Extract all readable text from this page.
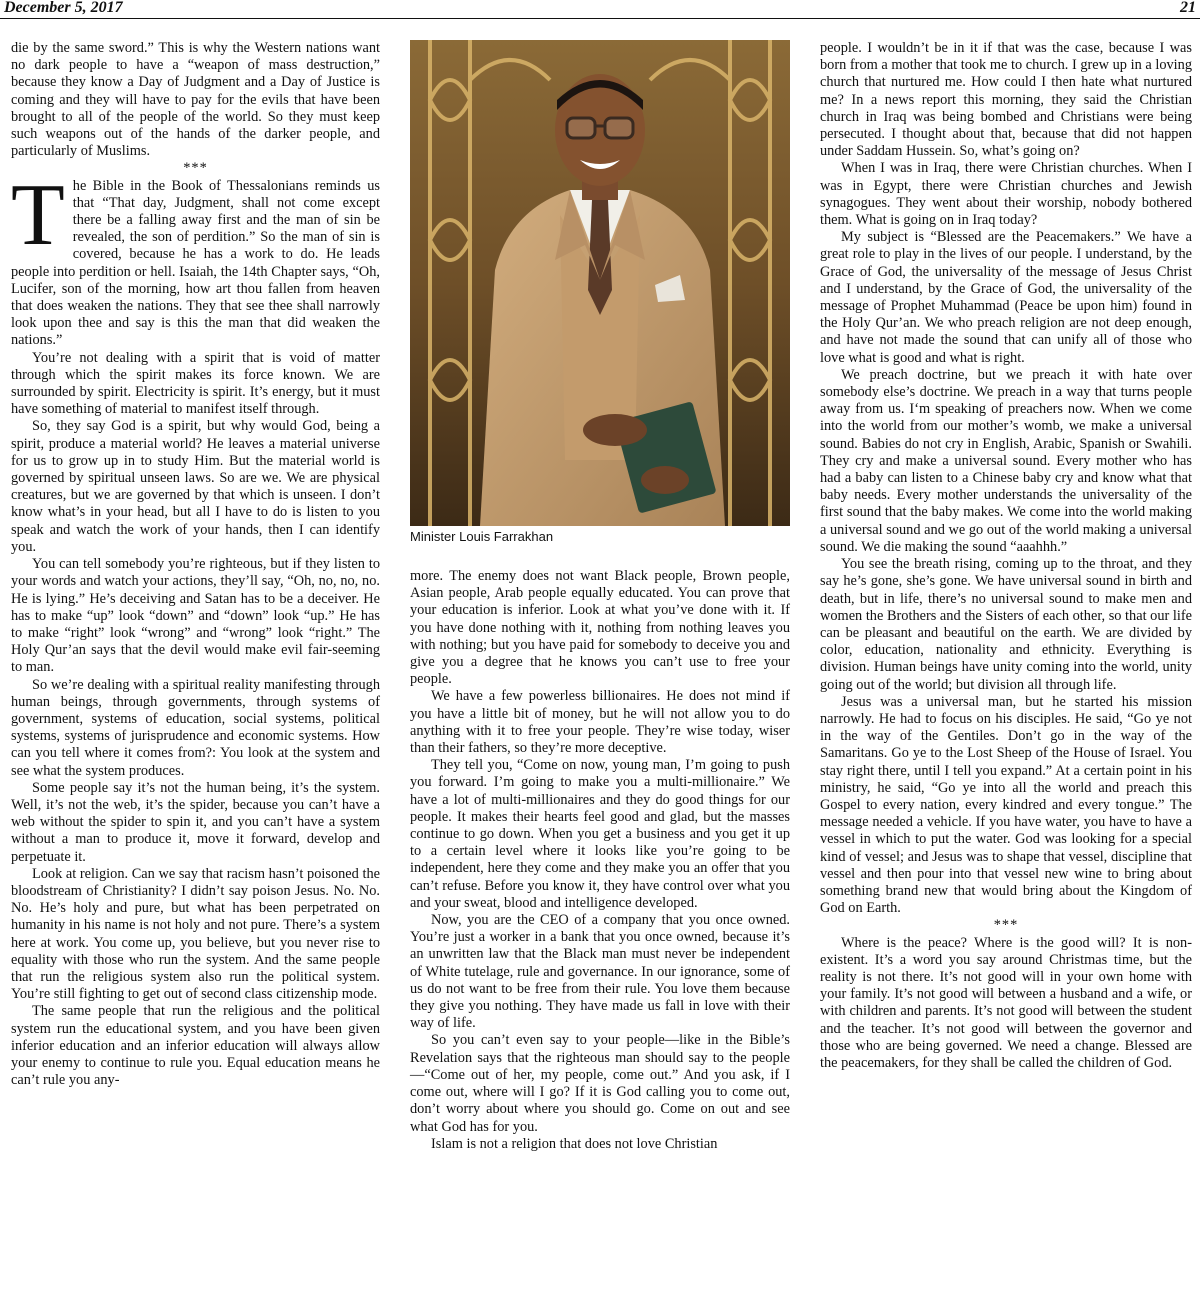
December 5, 2017	21

die by the same sword.” This is why the Western nations want no dark people to have a “weapon of mass destruction,” because they know a Day of Judgment and a Day of Justice is coming and they will have to pay for the evils that have been brought to all of the people of the world. So they must keep such weapons out of the hands of the darker people, and particularly of Muslims.

***

The Bible in the Book of Thessalonians reminds us that “That day, Judgment, shall not come except there be a falling away first and the man of sin be revealed, the son of perdition.” So the man of sin is covered, because he has a work to do. He leads people into perdition or hell. Isaiah, the 14th Chapter says, “Oh, Lucifer, son of the morning, how art thou fallen from heaven that does weaken the nations. They that see thee shall narrowly look upon thee and say is this the man that did weaken the nations.”

You’re not dealing with a spirit that is void of matter through which the spirit makes its force known. We are surrounded by spirit. Electricity is spirit. It’s energy, but it must have something of material to manifest itself through.

So, they say God is a spirit, but why would God, being a spirit, produce a material world? He leaves a material universe for us to grow up in to study Him. But the material world is governed by spiritual unseen laws. So are we. We are physical creatures, but we are governed by that which is unseen. I don’t know what’s in your head, but all I have to do is listen to you speak and watch the work of your hands, then I can identify you.

You can tell somebody you’re righteous, but if they listen to your words and watch your actions, they’ll say, “Oh, no, no, no. He is lying.” He’s deceiving and Satan has to be a deceiver. He has to make “up” look “down” and “down” look “up.” He has to make “right” look “wrong” and “wrong” look “right.” The Holy Qur’an says that the devil would make evil fair-seeming to man.

So we’re dealing with a spiritual reality manifesting through human beings, through governments, through systems of government, systems of education, social systems, political systems, systems of jurisprudence and economic systems. How can you tell where it comes from?: You look at the system and see what the system produces.

Some people say it’s not the human being, it’s the system. Well, it’s not the web, it’s the spider, because you can’t have a web without the spider to spin it, and you can’t have a system without a man to produce it, move it forward, develop and perpetuate it.

Look at religion. Can we say that racism hasn’t poisoned the bloodstream of Christianity? I didn’t say poison Jesus. No. No. No. He’s holy and pure, but what has been perpetrated on humanity in his name is not holy and not pure. There’s a system here at work. You come up, you believe, but you never rise to equality with those who run the system. And the same people that run the religious system also run the political system. You’re still fighting to get out of second class citizenship mode.

The same people that run the religious and the political system run the educational system, and you have been given inferior education and an inferior education will always allow your enemy to continue to rule you. Equal education means he can’t rule you any-

Minister Louis Farrakhan

more. The enemy does not want Black people, Brown people, Asian people, Arab people equally educated. You can prove that your education is inferior. Look at what you’ve done with it. If you have done nothing with it, nothing from nothing leaves you with nothing; but you have paid for somebody to deceive you and give you a degree that he knows you can’t use to free your people.

We have a few powerless billionaires. He does not mind if you have a little bit of money, but he will not allow you to do anything with it to free your people. They’re wise today, wiser than their fathers, so they’re more deceptive.

They tell you, “Come on now, young man, I’m going to push you forward. I’m going to make you a multi-millionaire.” We have a lot of multi-millionaires and they do good things for our people. It makes their hearts feel good and glad, but the masses continue to go down. When you get a business and you get it up to a certain level where it looks like you’re going to be independent, here they come and they make you an offer that you can’t refuse. Before you know it, they have control over what you and your sweat, blood and intelligence developed.

Now, you are the CEO of a company that you once owned. You’re just a worker in a bank that you once owned, because it’s an unwritten law that the Black man must never be independent of White tutelage, rule and governance. In our ignorance, some of us do not want to be free from their rule. You love them because they give you nothing. They have made us fall in love with their way of life.

So you can’t even say to your people—like in the Bible’s Revelation says that the righteous man should say to the people—“Come out of her, my people, come out.” And you ask, if I come out, where will I go? If it is God calling you to come out, don’t worry about where you should go. Come on out and see what God has for you.

Islam is not a religion that does not love Christian

people. I wouldn’t be in it if that was the case, because I was born from a mother that took me to church. I grew up in a loving church that nurtured me. How could I then hate what nurtured me? In a news report this morning, they said the Christian church in Iraq was being bombed and Christians were being persecuted. I thought about that, because that did not happen under Saddam Hussein. So, what’s going on?

When I was in Iraq, there were Christian churches. When I was in Egypt, there were Christian churches and Jewish synagogues. They went about their worship, nobody bothered them. What is going on in Iraq today?

My subject is “Blessed are the Peacemakers.” We have a great role to play in the lives of our people. I understand, by the Grace of God, the universality of the message of Jesus Christ and I understand, by the Grace of God, the universality of the message of Prophet Muhammad (Peace be upon him) found in the Holy Qur’an. We who preach religion are not deep enough, and have not made the sound that can unify all of those who love what is good and what is right.

We preach doctrine, but we preach it with hate over somebody else’s doctrine. We preach in a way that turns people away from us. I‘m speaking of preachers now. When we come into the world from our mother’s womb, we make a universal sound. Babies do not cry in English, Arabic, Spanish or Swahili. They cry and make a universal sound. Every mother who has had a baby can listen to a Chinese baby cry and know what that baby needs. Every mother understands the universality of the first sound that the baby makes. We come into the world making a universal sound and we go out of the world making a universal sound. We die making the sound “aaahhh.”

You see the breath rising, coming up to the throat, and they say he’s gone, she’s gone. We have universal sound in birth and death, but in life, there’s no universal sound to make men and women the Brothers and the Sisters of each other, so that our life can be pleasant and beautiful on the earth. We are divided by color, education, nationality and ethnicity. Everything is division. Human beings have unity coming into the world, unity going out of the world; but division all through life.

Jesus was a universal man, but he started his mission narrowly. He had to focus on his disciples. He said, “Go ye not in the way of the Gentiles. Don’t go in the way of the Samaritans. Go ye to the Lost Sheep of the House of Israel. You stay right there, until I tell you expand.” At a certain point in his ministry, he said, “Go ye into all the world and preach this Gospel to every nation, every kindred and every tongue.” The message needed a vehicle. If you have water, you have to have a vessel in which to put the water. God was looking for a special kind of vessel; and Jesus was to shape that vessel, discipline that vessel and then pour into that vessel new wine to bring about something brand new that would bring about the Kingdom of God on Earth.

***

Where is the peace? Where is the good will? It is non-existent. It’s a word you say around Christmas time, but the reality is not there. It’s not good will in your own home with your family. It’s not good will between a husband and a wife, or with children and parents. It’s not good will between the student and the teacher. It’s not good will between the governor and those who are being governed. We need a change. Blessed are the peacemakers, for they shall be called the children of God.
